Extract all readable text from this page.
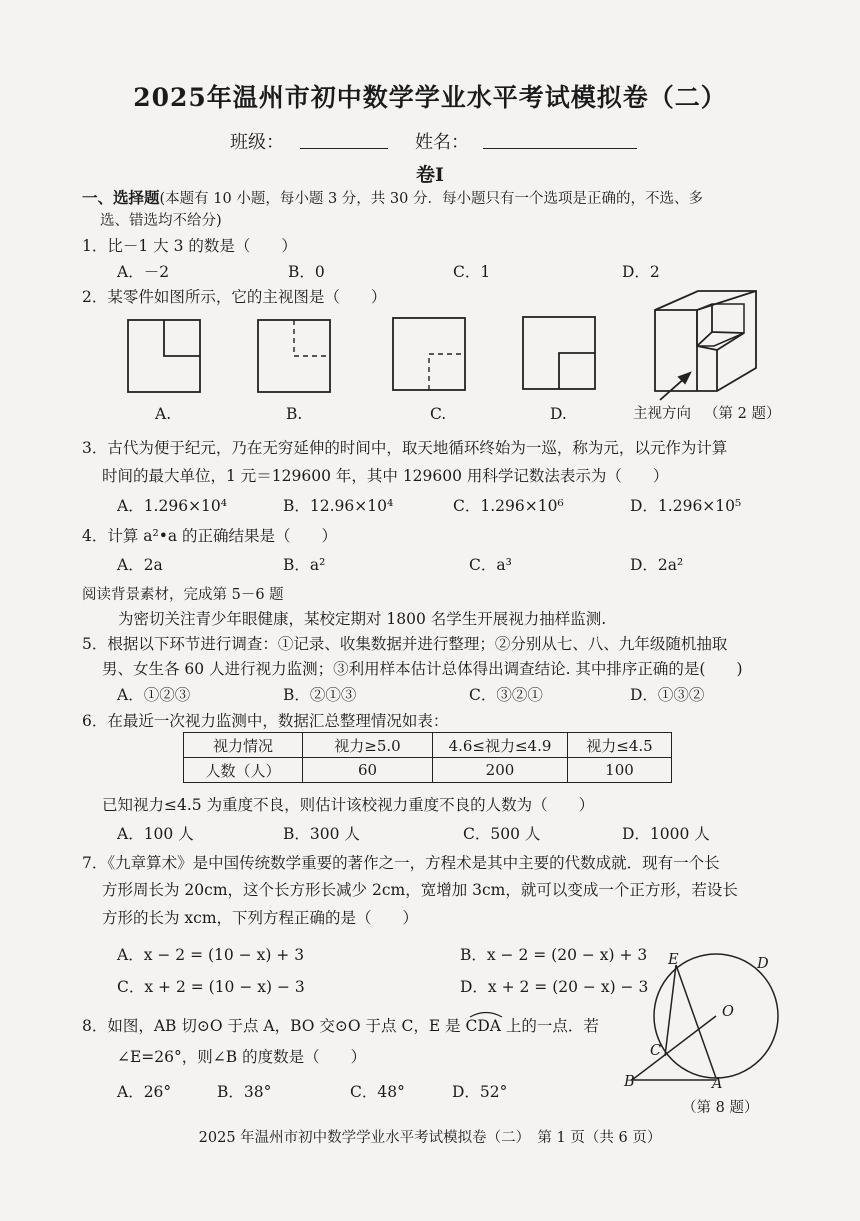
2025年温州市初中数学学业水平考试模拟卷（二）
班级：	姓名：
卷I
一、选择题(本题有 10 小题，每小题 3 分，共 30 分．每小题只有一个选项是正确的，不选、多
选、错选均不给分)
1．比－1 大 3 的数是（　　）
A．－2	B．0	C．1	D．2
2．某零件如图所示，它的主视图是（　　）
A.	B.	C.	D.	主视方向 （第 2 题）
3．古代为便于纪元，乃在无穷延伸的时间中，取天地循环终始为一巡，称为元，以元作为计算
时间的最大单位，1 元＝129600 年，其中 129600 用科学记数法表示为（　　）
A．1.296×10⁴	B．12.96×10⁴	C．1.296×10⁶	D．1.296×10⁵
4．计算 a²•a 的正确结果是（　　）
A．2a	B．a²	C．a³	D．2a²
阅读背景素材，完成第 5－6 题
为密切关注青少年眼健康，某校定期对 1800 名学生开展视力抽样监测.
5．根据以下环节进行调查：①记录、收集数据并进行整理；②分别从七、八、九年级随机抽取
男、女生各 60 人进行视力监测；③利用样本估计总体得出调查结论. 其中排序正确的是(　　)
A．①②③	B．②①③	C．③②①	D．①③②
6．在最近一次视力监测中，数据汇总整理情况如表：
视力情况	视力≥5.0	4.6≤视力≤4.9	视力≤4.5
人数（人）	60	200	100
已知视力≤4.5 为重度不良，则估计该校视力重度不良的人数为（　　）
A．100 人	B．300 人	C．500 人	D．1000 人
7．《九章算术》是中国传统数学重要的著作之一，方程术是其中主要的代数成就．现有一个长
方形周长为 20cm，这个长方形长减少 2cm，宽增加 3cm，就可以变成一个正方形，若设长
方形的长为 xcm，下列方程正确的是（　　）
A．x − 2 = (10 − x) + 3	B．x − 2 = (20 − x) + 3
C．x + 2 = (10 − x) − 3	D．x + 2 = (20 − x) − 3
8．如图，AB 切⊙O 于点 A，BO 交⊙O 于点 C，E 是 CDA 上的一点．若
∠E=26°，则∠B 的度数是（　　）
A．26°	B．38°	C．48°	D．52°
E	D
O
C
B	A
（第 8 题）
2025 年温州市初中数学学业水平考试模拟卷（二）　第 1 页（共 6 页）
